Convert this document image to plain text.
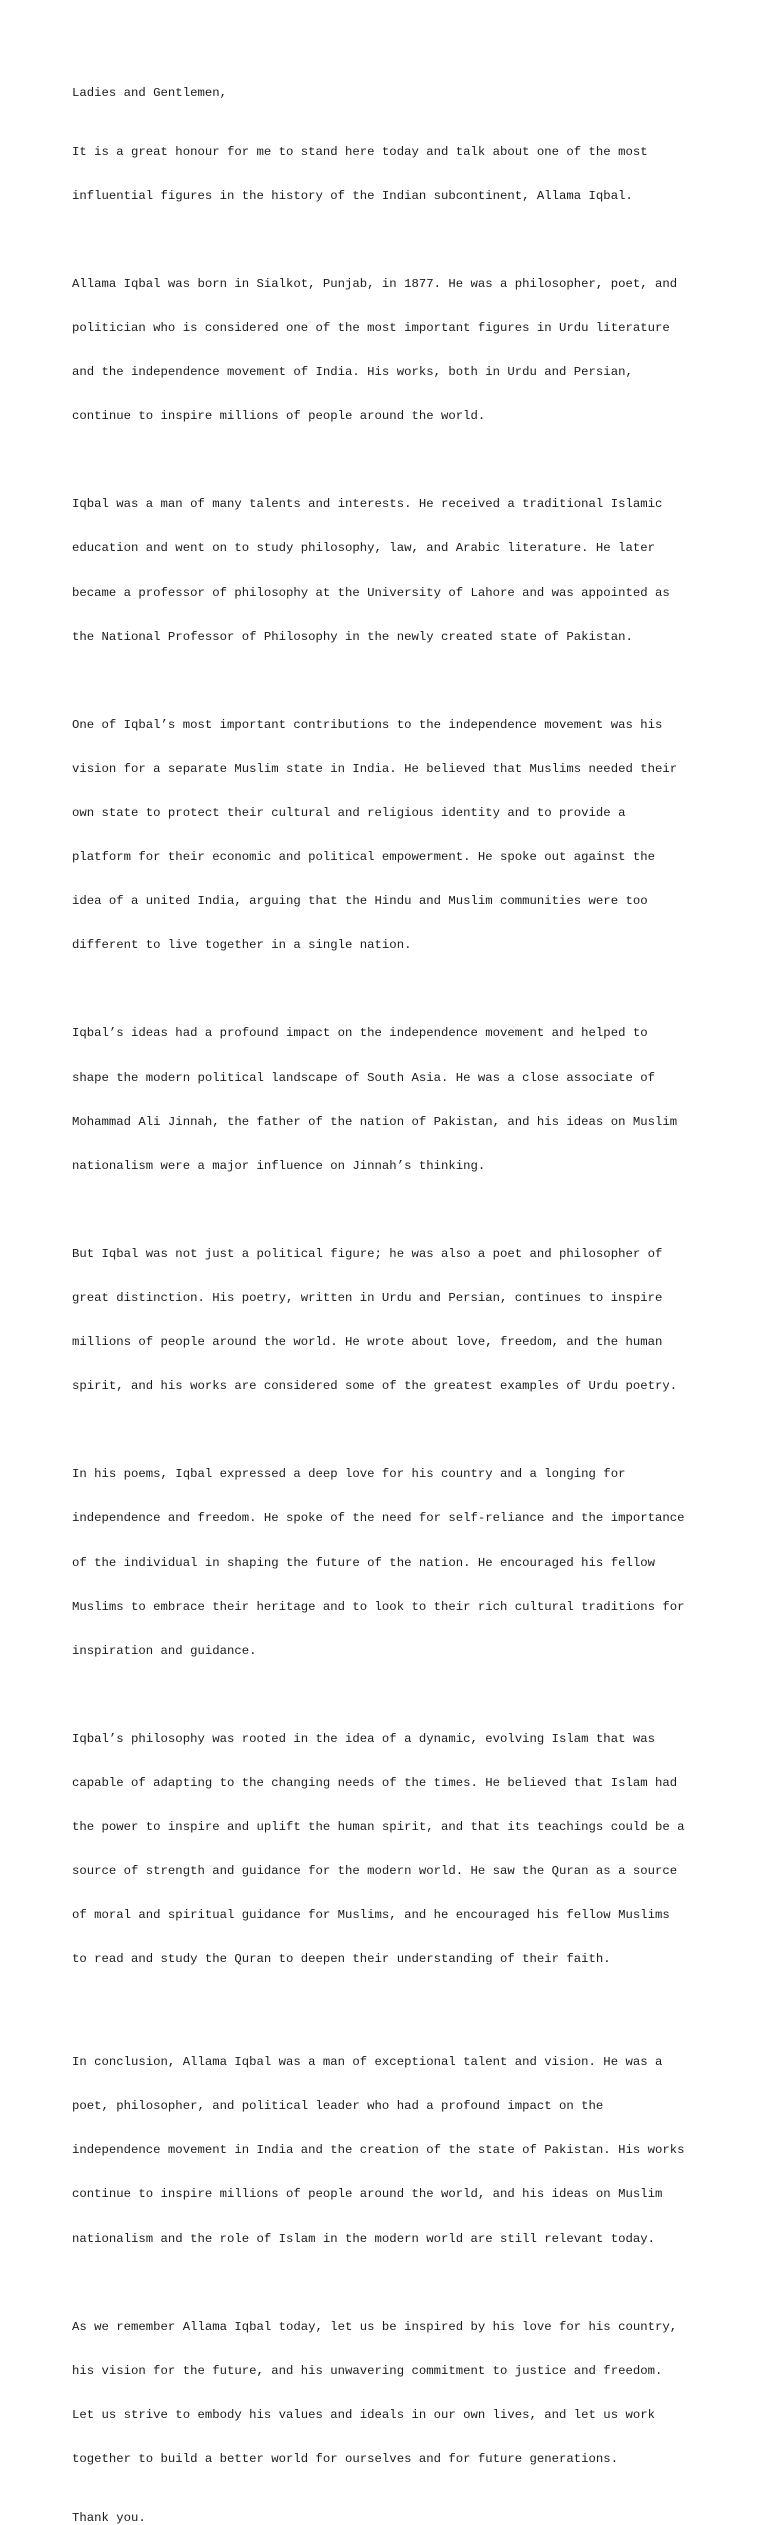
Ladies and Gentlemen,

It is a great honour for me to stand here today and talk about one of the most

influential figures in the history of the Indian subcontinent, Allama Iqbal.

Allama Iqbal was born in Sialkot, Punjab, in 1877. He was a philosopher, poet, and

politician who is considered one of the most important figures in Urdu literature

and the independence movement of India. His works, both in Urdu and Persian,

continue to inspire millions of people around the world.

Iqbal was a man of many talents and interests. He received a traditional Islamic

education and went on to study philosophy, law, and Arabic literature. He later

became a professor of philosophy at the University of Lahore and was appointed as

the National Professor of Philosophy in the newly created state of Pakistan.

One of Iqbal’s most important contributions to the independence movement was his

vision for a separate Muslim state in India. He believed that Muslims needed their

own state to protect their cultural and religious identity and to provide a

platform for their economic and political empowerment. He spoke out against the

idea of a united India, arguing that the Hindu and Muslim communities were too

different to live together in a single nation.

Iqbal’s ideas had a profound impact on the independence movement and helped to

shape the modern political landscape of South Asia. He was a close associate of

Mohammad Ali Jinnah, the father of the nation of Pakistan, and his ideas on Muslim

nationalism were a major influence on Jinnah’s thinking.

But Iqbal was not just a political figure; he was also a poet and philosopher of

great distinction. His poetry, written in Urdu and Persian, continues to inspire

millions of people around the world. He wrote about love, freedom, and the human

spirit, and his works are considered some of the greatest examples of Urdu poetry.

In his poems, Iqbal expressed a deep love for his country and a longing for

independence and freedom. He spoke of the need for self-reliance and the importance

of the individual in shaping the future of the nation. He encouraged his fellow

Muslims to embrace their heritage and to look to their rich cultural traditions for

inspiration and guidance.

Iqbal’s philosophy was rooted in the idea of a dynamic, evolving Islam that was

capable of adapting to the changing needs of the times. He believed that Islam had

the power to inspire and uplift the human spirit, and that its teachings could be a

source of strength and guidance for the modern world. He saw the Quran as a source

of moral and spiritual guidance for Muslims, and he encouraged his fellow Muslims

to read and study the Quran to deepen their understanding of their faith.

In conclusion, Allama Iqbal was a man of exceptional talent and vision. He was a

poet, philosopher, and political leader who had a profound impact on the

independence movement in India and the creation of the state of Pakistan. His works

continue to inspire millions of people around the world, and his ideas on Muslim

nationalism and the role of Islam in the modern world are still relevant today.

As we remember Allama Iqbal today, let us be inspired by his love for his country,

his vision for the future, and his unwavering commitment to justice and freedom.

Let us strive to embody his values and ideals in our own lives, and let us work

together to build a better world for ourselves and for future generations.

Thank you.
